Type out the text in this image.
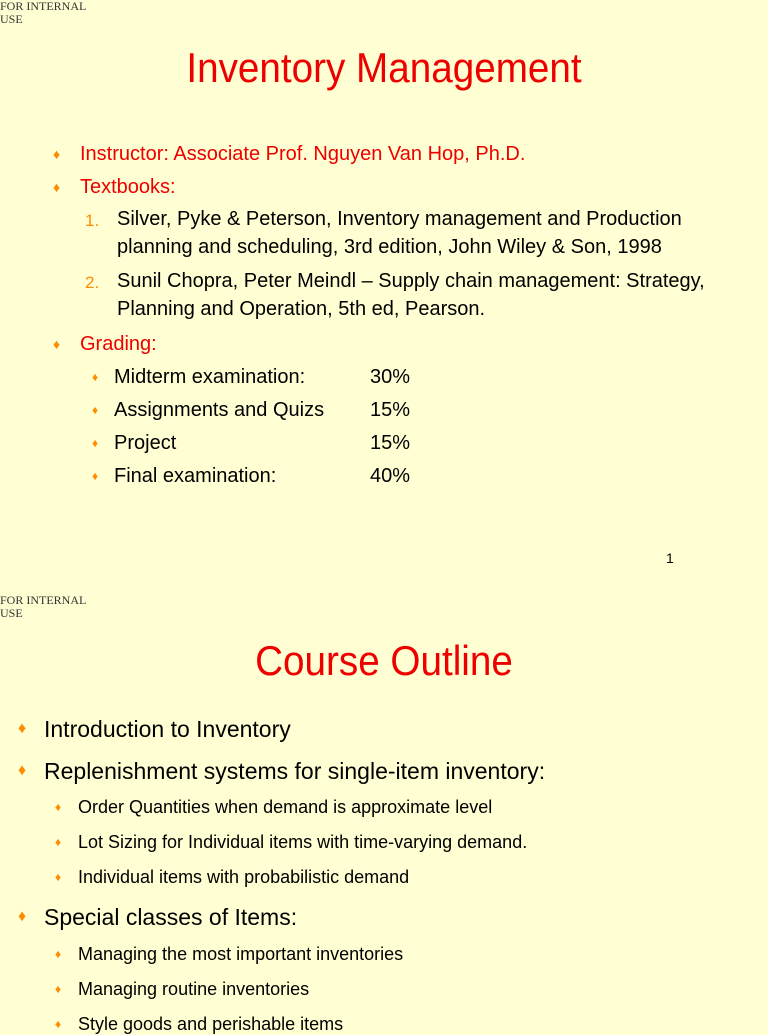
FOR INTERNAL USE
Inventory Management
♦ Instructor: Associate Prof. Nguyen Van Hop, Ph.D.
♦ Textbooks:
1. Silver, Pyke & Peterson, Inventory management and Production
planning and scheduling, 3rd edition, John Wiley & Son, 1998
2. Sunil Chopra, Peter Meindl – Supply chain management: Strategy,
Planning and Operation, 5th ed, Pearson.
♦ Grading:
♦ Midterm examination:	30%
♦ Assignments and Quizs 15%
♦ Project	15%
♦ Final examination:	40%
1
FOR INTERNAL USE
Course Outline
♦ Introduction to Inventory
♦ Replenishment systems for single-item inventory:
♦ Order Quantities when demand is approximate level
♦ Lot Sizing for Individual items with time-varying demand.
♦ Individual items with probabilistic demand
♦ Special classes of Items:
♦ Managing the most important inventories
♦ Managing routine inventories
♦ Style goods and perishable items
